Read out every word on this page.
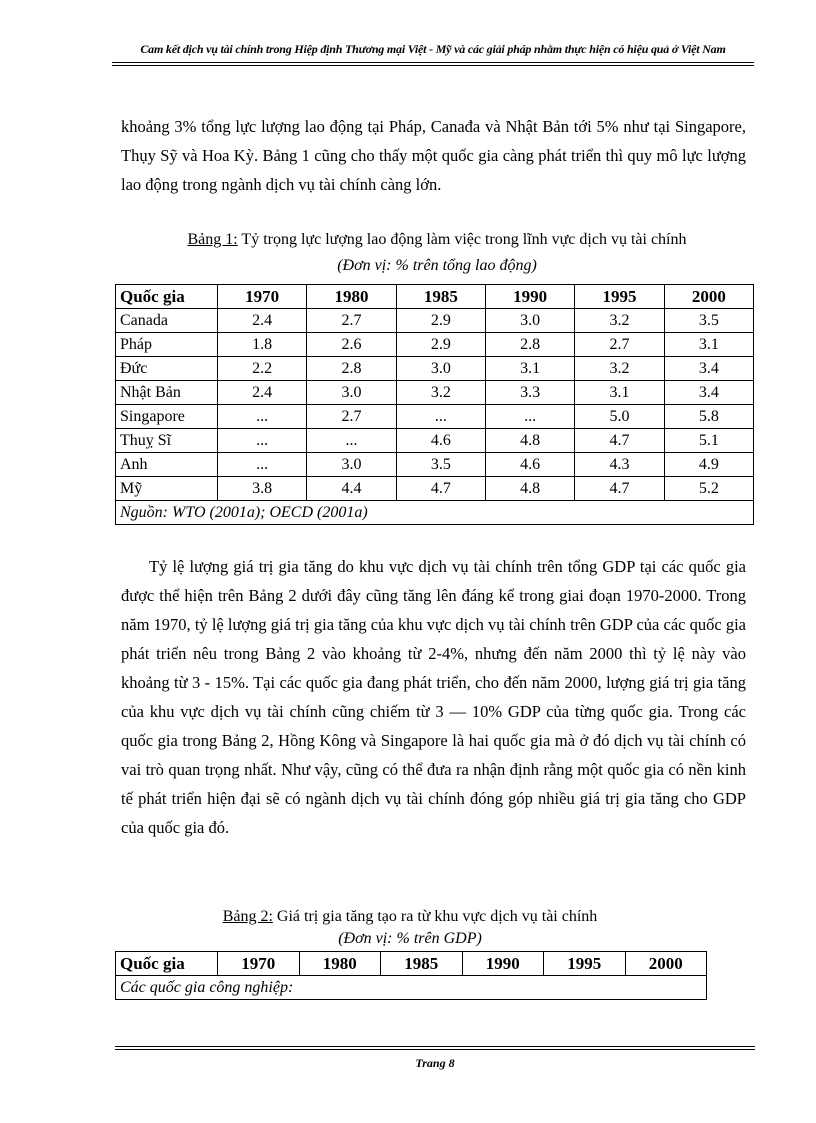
Cam kết dịch vụ tài chính trong Hiệp định Thương mại Việt - Mỹ và các giải pháp nhằm thực hiện có hiệu quả ở Việt Nam

khoảng 3% tổng lực lượng lao động tại Pháp, Canađa và Nhật Bản tới 5% như tại Singapore, Thụy Sỹ và Hoa Kỳ. Bảng 1 cũng cho thấy một quốc gia càng phát triển thì quy mô lực lượng lao động trong ngành dịch vụ tài chính càng lớn.

Bảng 1: Tỷ trọng lực lượng lao động làm việc trong lĩnh vực dịch vụ tài chính
(Đơn vị: % trên tổng lao động)
Quốc gia	1970	1980	1985	1990	1995	2000
Canada	2.4	2.7	2.9	3.0	3.2	3.5
Pháp	1.8	2.6	2.9	2.8	2.7	3.1
Đức	2.2	2.8	3.0	3.1	3.2	3.4
Nhật Bản	2.4	3.0	3.2	3.3	3.1	3.4
Singapore	...	2.7	...	...	5.0	5.8
Thuỵ Sĩ	...	...	4.6	4.8	4.7	5.1
Anh	...	3.0	3.5	4.6	4.3	4.9
Mỹ	3.8	4.4	4.7	4.8	4.7	5.2
Nguồn: WTO (2001a); OECD (2001a)						

Tỷ lệ lượng giá trị gia tăng do khu vực dịch vụ tài chính trên tổng GDP tại các quốc gia được thể hiện trên Bảng 2 dưới đây cũng tăng lên đáng kể trong giai đoạn 1970-2000. Trong năm 1970, tỷ lệ lượng giá trị gia tăng của khu vực dịch vụ tài chính trên GDP của các quốc gia phát triển nêu trong Bảng 2 vào khoảng từ 2-4%, nhưng đến năm 2000 thì tỷ lệ này vào khoảng từ 3 - 15%. Tại các quốc gia đang phát triển, cho đến năm 2000, lượng giá trị gia tăng của khu vực dịch vụ tài chính cũng chiếm từ 3 — 10% GDP của từng quốc gia. Trong các quốc gia trong Bảng 2, Hồng Kông và Singapore là hai quốc gia mà ở đó dịch vụ tài chính có vai trò quan trọng nhất. Như vậy, cũng có thể đưa ra nhận định rằng một quốc gia có nền kinh tế phát triển hiện đại sẽ có ngành dịch vụ tài chính đóng góp nhiều giá trị gia tăng cho GDP của quốc gia đó.

Bảng 2: Giá trị gia tăng tạo ra từ khu vực dịch vụ tài chính
(Đơn vị: % trên GDP)
Quốc gia	1970	1980	1985	1990	1995	2000
Các quốc gia công nghiệp:
Trang 8
